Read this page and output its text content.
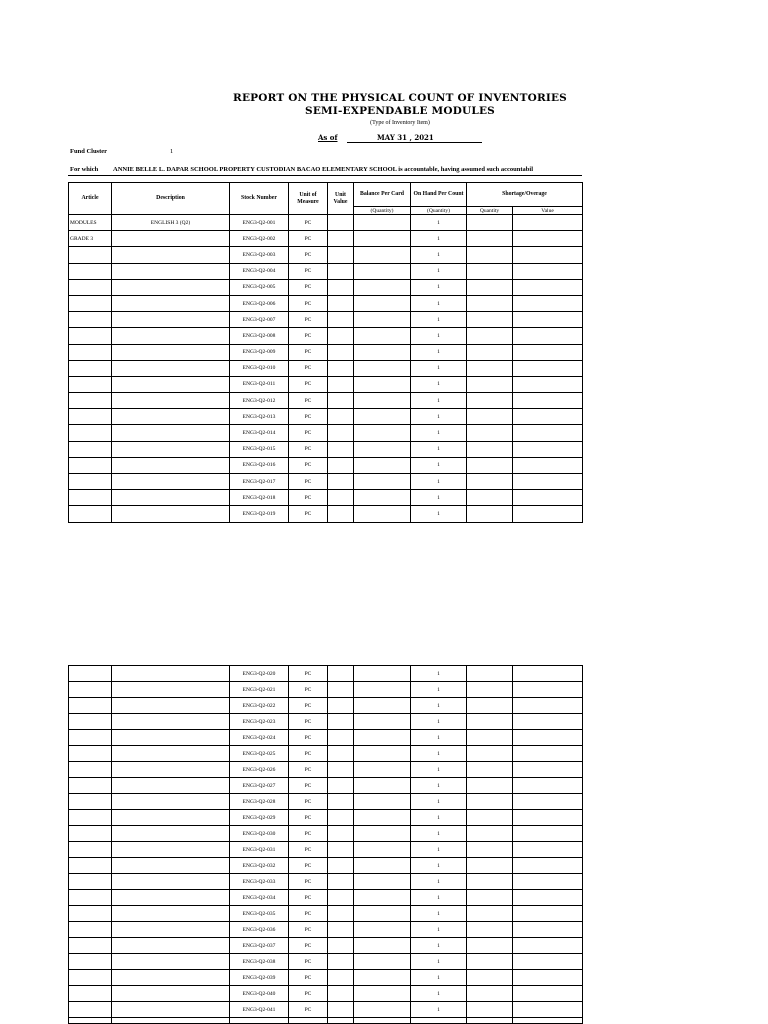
REPORT ON THE PHYSICAL COUNT OF INVENTORIES
SEMI-EXPENDABLE MODULES
(Type of Inventory Item)
As of	MAY 31 , 2021
Fund Cluster	1
For which ANNIE BELLE L. DAPAR SCHOOL PROPERTY CUSTODIAN BACAO ELEMENTARY SCHOOL is accountable, having assumed such accountabil
Article	Description	Stock Number	Unit of Measure	Unit Value	Balance Per Card	On Hand Per Count	Shortage/Overage	
					(Quantity)	(Quantity)	Quantity	Value
MODULES	ENGLISH 3 (Q2)	ENG3-Q2-001	PC			1		
GRADE 3		ENG3-Q2-002	PC			1		
		ENG3-Q2-003	PC			1		
		ENG3-Q2-004	PC			1		
		ENG3-Q2-005	PC			1		
		ENG3-Q2-006	PC			1		
		ENG3-Q2-007	PC			1		
		ENG3-Q2-008	PC			1		
		ENG3-Q2-009	PC			1		
		ENG3-Q2-010	PC			1		
		ENG3-Q2-011	PC			1		
		ENG3-Q2-012	PC			1		
		ENG3-Q2-013	PC			1		
		ENG3-Q2-014	PC			1		
		ENG3-Q2-015	PC			1		
		ENG3-Q2-016	PC			1		
		ENG3-Q2-017	PC			1		
		ENG3-Q2-018	PC			1		
		ENG3-Q2-019	PC			1		
		ENG3-Q2-020	PC			1		
		ENG3-Q2-021	PC			1		
		ENG3-Q2-022	PC			1		
		ENG3-Q2-023	PC			1		
		ENG3-Q2-024	PC			1		
		ENG3-Q2-025	PC			1		
		ENG3-Q2-026	PC			1		
		ENG3-Q2-027	PC			1		
		ENG3-Q2-028	PC			1		
		ENG3-Q2-029	PC			1		
		ENG3-Q2-030	PC			1		
		ENG3-Q2-031	PC			1		
		ENG3-Q2-032	PC			1		
		ENG3-Q2-033	PC			1		
		ENG3-Q2-034	PC			1		
		ENG3-Q2-035	PC			1		
		ENG3-Q2-036	PC			1		
		ENG3-Q2-037	PC			1		
		ENG3-Q2-038	PC			1		
		ENG3-Q2-039	PC			1		
		ENG3-Q2-040	PC			1		
		ENG3-Q2-041	PC			1		
